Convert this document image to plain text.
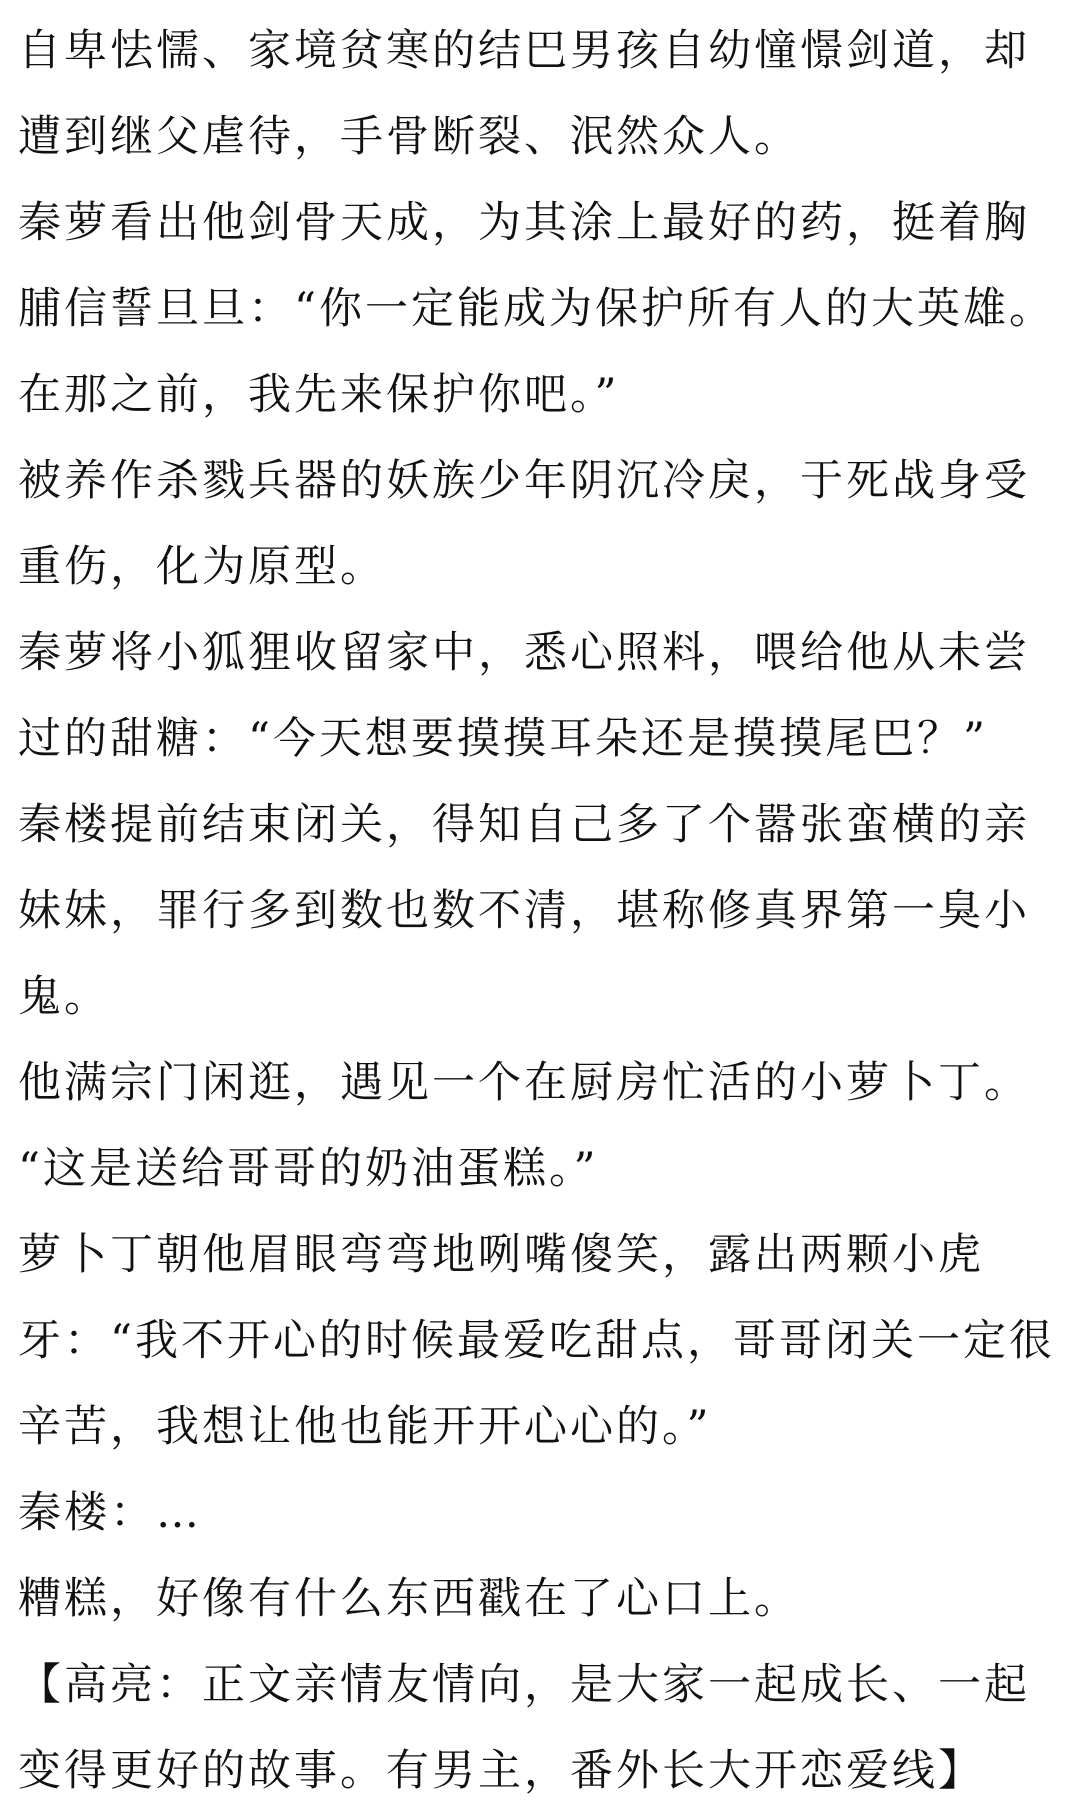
自卑怯懦、家境贫寒的结巴男孩自幼憧憬剑道，却遭到继父虐待，手骨断裂、泯然众人。

秦萝看出他剑骨天成，为其涂上最好的药，挺着胸脯信誓旦旦：“你一定能成为保护所有人的大英雄。在那之前，我先来保护你吧。”

被养作杀戮兵器的妖族少年阴沉冷戾，于死战身受重伤，化为原型。

秦萝将小狐狸收留家中，悉心照料，喂给他从未尝过的甜糖：“今天想要摸摸耳朵还是摸摸尾巴？”

秦楼提前结束闭关，得知自己多了个嚣张蛮横的亲妹妹，罪行多到数也数不清，堪称修真界第一臭小鬼。

他满宗门闲逛，遇见一个在厨房忙活的小萝卜丁。

“这是送给哥哥的奶油蛋糕。”

萝卜丁朝他眉眼弯弯地咧嘴傻笑，露出两颗小虎牙：“我不开心的时候最爱吃甜点，哥哥闭关一定很辛苦，我想让他也能开开心心的。”

秦楼：…

糟糕，好像有什么东西戳在了心口上。

【高亮：正文亲情友情向，是大家一起成长、一起变得更好的故事。有男主，番外长大开恋爱线】
